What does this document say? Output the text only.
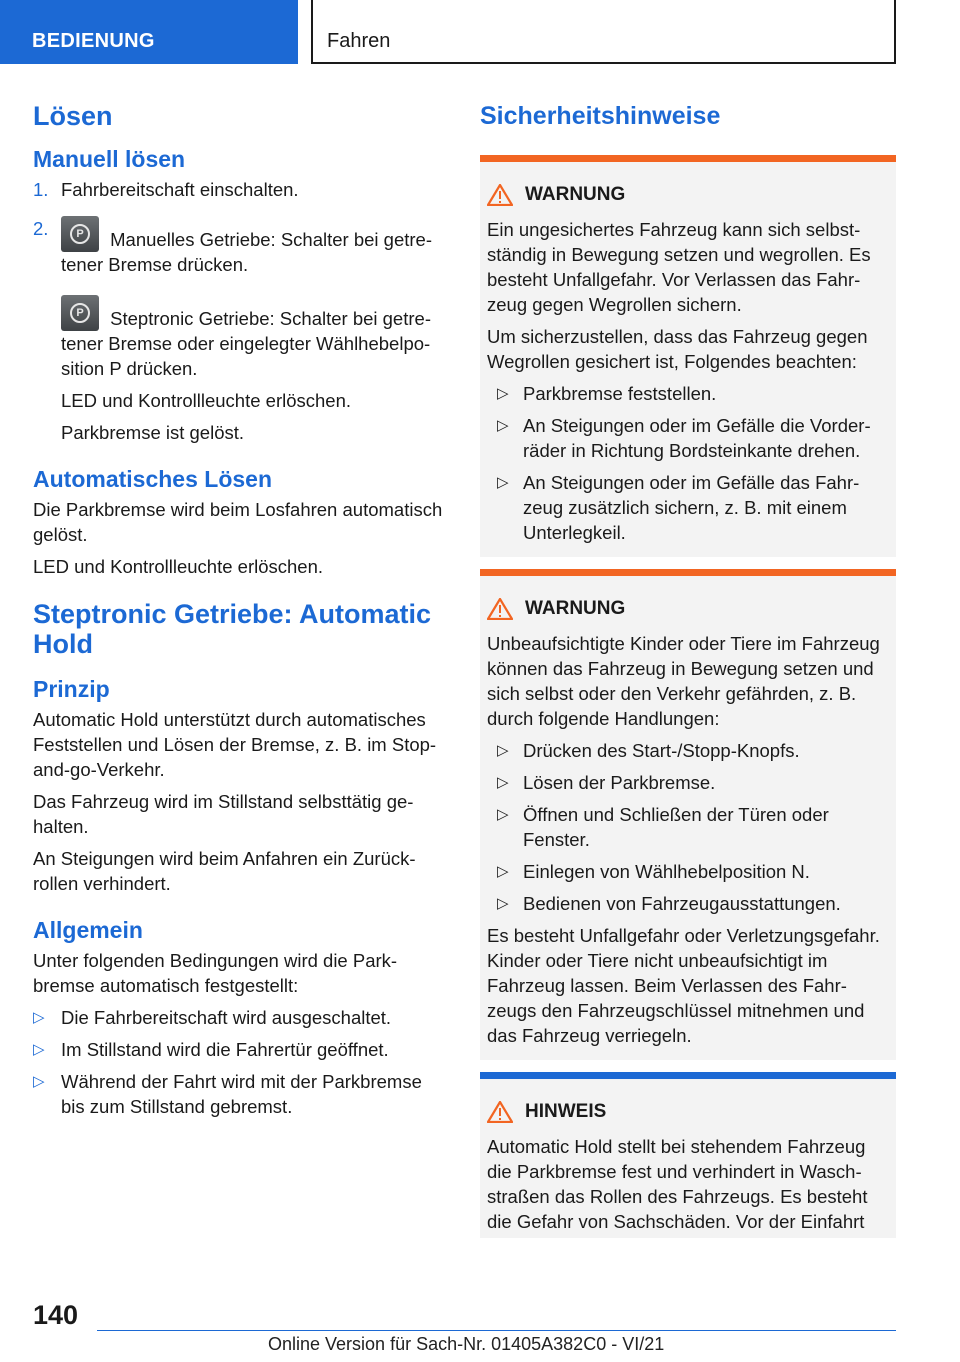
BEDIENUNG	Fahren
Lösen
Manuell lösen
1. Fahrbereitschaft einschalten.
2.	P	Manuelles Getriebe: Schalter bei getretener Bremse drücken.
P	Steptronic Getriebe: Schalter bei getretener Bremse oder eingelegter Wählhebelposition P drücken.
LED und Kontrollleuchte erlöschen.
Parkbremse ist gelöst.
Automatisches Lösen

Die Parkbremse wird beim Losfahren automatisch gelöst.

LED und Kontrollleuchte erlöschen.

Steptronic Getriebe: Automatic Hold
Prinzip

Automatic Hold unterstützt durch automatisches Feststellen und Lösen der Bremse, z. B. im Stop-and-go-Verkehr.

Das Fahrzeug wird im Stillstand selbsttätig gehalten.

An Steigungen wird beim Anfahren ein Zurückrollen verhindert.

Allgemein

Unter folgenden Bedingungen wird die Parkbremse automatisch festgestellt:

▷ Die Fahrbereitschaft wird ausgeschaltet.
▷ Im Stillstand wird die Fahrertür geöffnet.
▷ Während der Fahrt wird mit der Parkbremse bis zum Stillstand gebremst.
Sicherheitshinweise
WARNUNG

Ein ungesichertes Fahrzeug kann sich selbstständig in Bewegung setzen und wegrollen. Es besteht Unfallgefahr. Vor Verlassen das Fahrzeug gegen Wegrollen sichern.

Um sicherzustellen, dass das Fahrzeug gegen Wegrollen gesichert ist, Folgendes beachten:

▷ Parkbremse feststellen.
▷ An Steigungen oder im Gefälle die Vorderräder in Richtung Bordsteinkante drehen.
▷ An Steigungen oder im Gefälle das Fahrzeug zusätzlich sichern, z. B. mit einem Unterlegkeil.
WARNUNG

Unbeaufsichtigte Kinder oder Tiere im Fahrzeug können das Fahrzeug in Bewegung setzen und sich selbst oder den Verkehr gefährden, z. B. durch folgende Handlungen:

▷ Drücken des Start-/Stopp-Knopfs.
▷ Lösen der Parkbremse.
▷ Öffnen und Schließen der Türen oder Fenster.
▷ Einlegen von Wählhebelposition N.
▷ Bedienen von Fahrzeugausstattungen.

Es besteht Unfallgefahr oder Verletzungsgefahr. Kinder oder Tiere nicht unbeaufsichtigt im Fahrzeug lassen. Beim Verlassen des Fahrzeugs den Fahrzeugschlüssel mitnehmen und das Fahrzeug verriegeln.

HINWEIS

Automatic Hold stellt bei stehendem Fahrzeug die Parkbremse fest und verhindert in Waschstraßen das Rollen des Fahrzeugs. Es besteht die Gefahr von Sachschäden. Vor der Einfahrt

140
Online Version für Sach-Nr. 01405A382C0 - VI/21
